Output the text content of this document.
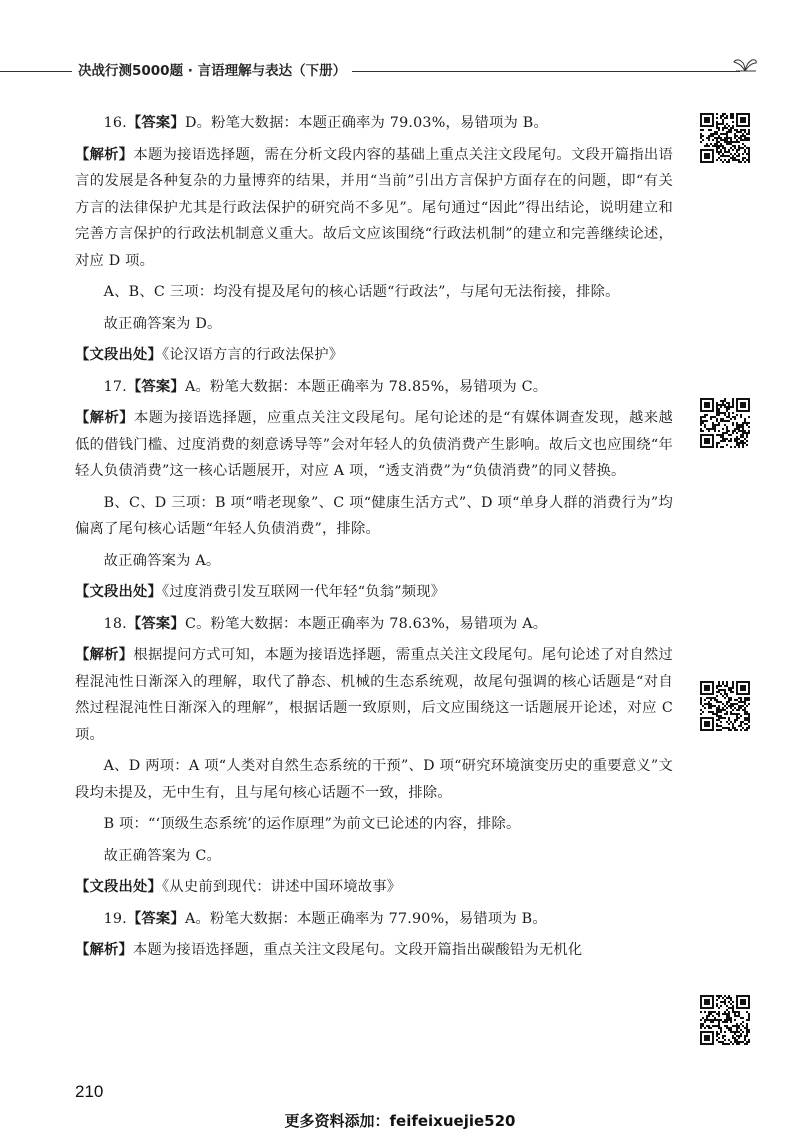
决战行测5000题 · 言语理解与表达（下册）

16.【答案】D。粉笔大数据：本题正确率为 79.03%，易错项为 B。

【解析】本题为接语选择题，需在分析文段内容的基础上重点关注文段尾句。文段开篇指出语言的发展是各种复杂的力量博弈的结果，并用“当前”引出方言保护方面存在的问题，即“有关方言的法律保护尤其是行政法保护的研究尚不多见”。尾句通过“因此”得出结论，说明建立和完善方言保护的行政法机制意义重大。故后文应该围绕“行政法机制”的建立和完善继续论述，对应 D 项。

A、B、C 三项：均没有提及尾句的核心话题“行政法”，与尾句无法衔接，排除。

故正确答案为 D。

【文段出处】《论汉语方言的行政法保护》

17.【答案】A。粉笔大数据：本题正确率为 78.85%，易错项为 C。

【解析】本题为接语选择题，应重点关注文段尾句。尾句论述的是“有媒体调查发现，越来越低的借钱门槛、过度消费的刻意诱导等”会对年轻人的负债消费产生影响。故后文也应围绕“年轻人负债消费”这一核心话题展开，对应 A 项，“透支消费”为“负债消费”的同义替换。

B、C、D 三项：B 项“啃老现象”、C 项“健康生活方式”、D 项“单身人群的消费行为”均偏离了尾句核心话题“年轻人负债消费”，排除。

故正确答案为 A。

【文段出处】《过度消费引发互联网一代年轻“负翁”频现》

18.【答案】C。粉笔大数据：本题正确率为 78.63%，易错项为 A。

【解析】根据提问方式可知，本题为接语选择题，需重点关注文段尾句。尾句论述了对自然过程混沌性日渐深入的理解，取代了静态、机械的生态系统观，故尾句强调的核心话题是“对自然过程混沌性日渐深入的理解”，根据话题一致原则，后文应围绕这一话题展开论述，对应 C 项。

A、D 两项：A 项“人类对自然生态系统的干预”、D 项“研究环境演变历史的重要意义”文段均未提及，无中生有，且与尾句核心话题不一致，排除。

B 项：“‘顶级生态系统’的运作原理”为前文已论述的内容，排除。

故正确答案为 C。

【文段出处】《从史前到现代：讲述中国环境故事》

19.【答案】A。粉笔大数据：本题正确率为 77.90%，易错项为 B。

【解析】本题为接语选择题，重点关注文段尾句。文段开篇指出碳酸铅为无机化

210
更多资料添加：feifeixuejie520
